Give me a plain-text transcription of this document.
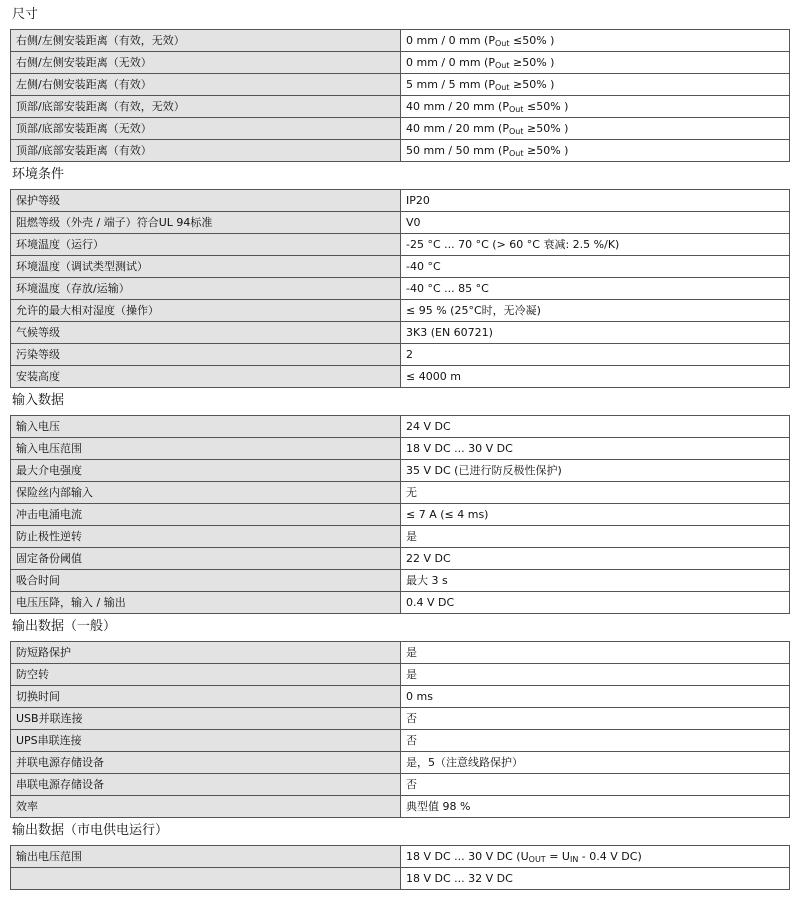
尺寸
右侧/左侧安装距离（有效，无效）	0 mm / 0 mm ($P_{Out} \le 50\%$ )
右侧/左侧安装距离（无效）	0 mm / 0 mm ($P_{Out} \ge 50\%$ )
左侧/右侧安装距离（有效）	5 mm / 5 mm ($P_{Out} \ge 50\%$ )
顶部/底部安装距离（有效，无效）	40 mm / 20 mm ($P_{Out} \le 50\%$ )
顶部/底部安装距离（无效）	40 mm / 20 mm ($P_{Out} \ge 50\%$ )
顶部/底部安装距离（有效）	50 mm / 50 mm ($P_{Out} \ge 50\%$ )
环境条件
保护等级	IP20
阻燃等级（外壳 / 端子）符合UL 94标准	V0
环境温度（运行）	-25 °C ... 70 °C (> 60 °C 衰减: 2.5 %/K)
环境温度（调试类型测试）	-40 °C
环境温度（存放/运输）	-40 °C ... 85 °C
允许的最大相对湿度（操作）	≤ 95 % (25°C时，无冷凝)
气候等级	3K3 (EN 60721)
污染等级	2
安装高度	≤ 4000 m
输入数据
输入电压	24 V DC
输入电压范围	18 V DC ... 30 V DC
最大介电强度	35 V DC (已进行防反极性保护)
保险丝内部输入	无
冲击电涌电流	≤ 7 A (≤ 4 ms)
防止极性逆转	是
固定备份阈值	22 V DC
吸合时间	最大 3 s
电压压降，输入 / 输出	0.4 V DC
输出数据（一般）
防短路保护	是
防空转	是
切换时间	0 ms
USB并联连接	否
UPS串联连接	否
并联电源存储设备	是，5（注意线路保护）
串联电源存储设备	否
效率	典型值 98 %
输出数据（市电供电运行）
输出电压范围	18 V DC ... 30 V DC ($U_{OUT} = U_{IN} - 0.4$ V DC)
	18 V DC ... 32 V DC
